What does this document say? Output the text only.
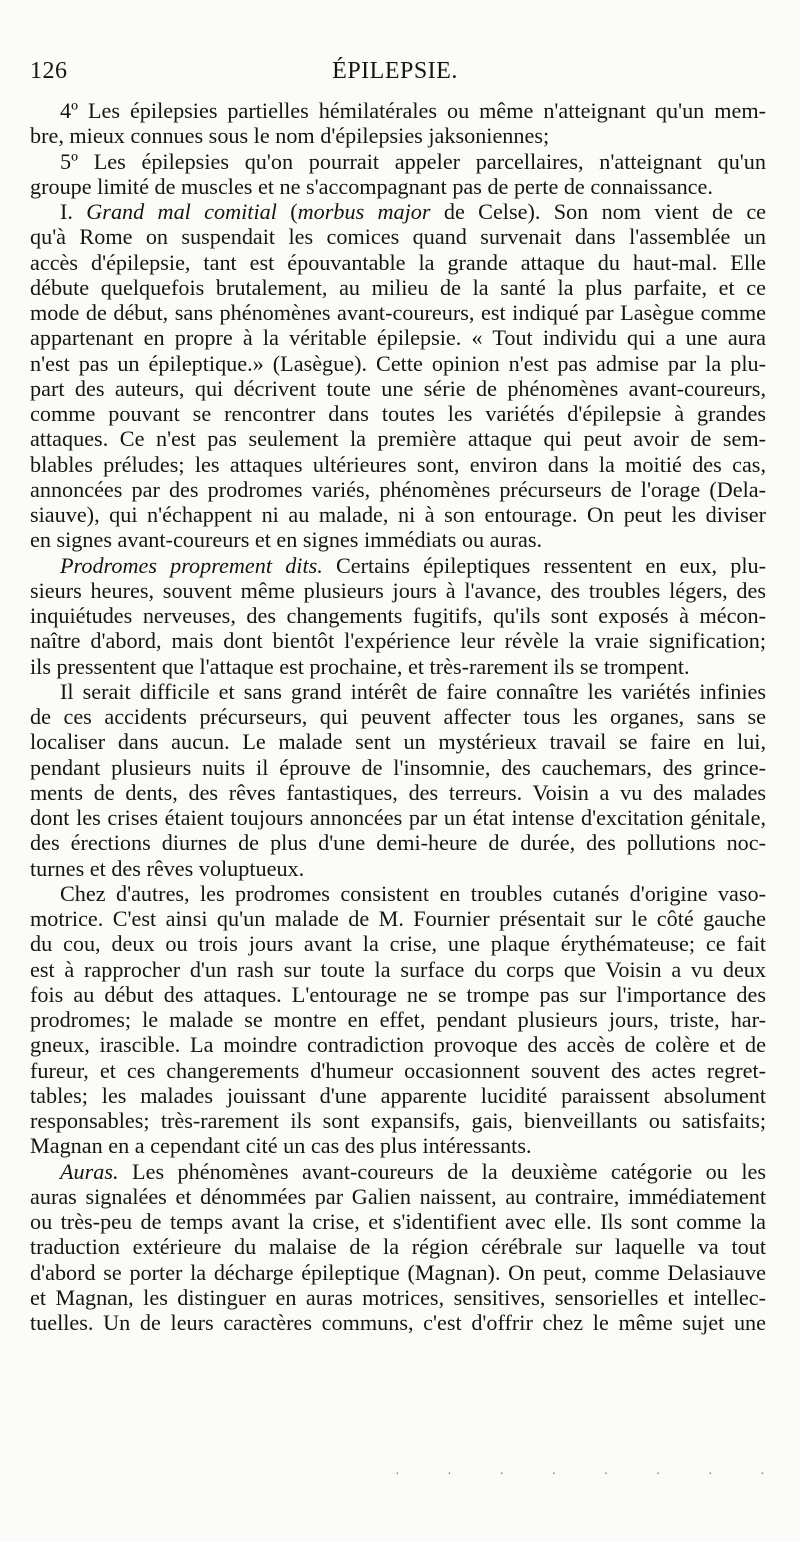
126	ÉPILEPSIE.
4º Les épilepsies partielles hémilatérales ou même n'atteignant qu'un mem-
bre, mieux connues sous le nom d'épilepsies jaksoniennes;
5º Les épilepsies qu'on pourrait appeler parcellaires, n'atteignant qu'un
groupe limité de muscles et ne s'accompagnant pas de perte de connaissance.
I. Grand mal comitial (morbus major de Celse). Son nom vient de ce
qu'à Rome on suspendait les comices quand survenait dans l'assemblée un
accès d'épilepsie, tant est épouvantable la grande attaque du haut-mal. Elle
débute quelquefois brutalement, au milieu de la santé la plus parfaite, et ce
mode de début, sans phénomènes avant-coureurs, est indiqué par Lasègue comme
appartenant en propre à la véritable épilepsie. « Tout individu qui a une aura
n'est pas un épileptique.» (Lasègue). Cette opinion n'est pas admise par la plu-
part des auteurs, qui décrivent toute une série de phénomènes avant-coureurs,
comme pouvant se rencontrer dans toutes les variétés d'épilepsie à grandes
attaques. Ce n'est pas seulement la première attaque qui peut avoir de sem-
blables préludes; les attaques ultérieures sont, environ dans la moitié des cas,
annoncées par des prodromes variés, phénomènes précurseurs de l'orage (Dela-
siauve), qui n'échappent ni au malade, ni à son entourage. On peut les diviser
en signes avant-coureurs et en signes immédiats ou auras.
Prodromes proprement dits. Certains épileptiques ressentent en eux, plu-
sieurs heures, souvent même plusieurs jours à l'avance, des troubles légers, des
inquiétudes nerveuses, des changements fugitifs, qu'ils sont exposés à mécon-
naître d'abord, mais dont bientôt l'expérience leur révèle la vraie signification;
ils pressentent que l'attaque est prochaine, et très-rarement ils se trompent.
Il serait difficile et sans grand intérêt de faire connaître les variétés infinies
de ces accidents précurseurs, qui peuvent affecter tous les organes, sans se
localiser dans aucun. Le malade sent un mystérieux travail se faire en lui,
pendant plusieurs nuits il éprouve de l'insomnie, des cauchemars, des grince-
ments de dents, des rêves fantastiques, des terreurs. Voisin a vu des malades
dont les crises étaient toujours annoncées par un état intense d'excitation génitale,
des érections diurnes de plus d'une demi-heure de durée, des pollutions noc-
turnes et des rêves voluptueux.
Chez d'autres, les prodromes consistent en troubles cutanés d'origine vaso-
motrice. C'est ainsi qu'un malade de M. Fournier présentait sur le côté gauche
du cou, deux ou trois jours avant la crise, une plaque érythémateuse; ce fait
est à rapprocher d'un rash sur toute la surface du corps que Voisin a vu deux
fois au début des attaques. L'entourage ne se trompe pas sur l'importance des
prodromes; le malade se montre en effet, pendant plusieurs jours, triste, har-
gneux, irascible. La moindre contradiction provoque des accès de colère et de
fureur, et ces changerements d'humeur occasionnent souvent des actes regret-
tables; les malades jouissant d'une apparente lucidité paraissent absolument
responsables; très-rarement ils sont expansifs, gais, bienveillants ou satisfaits;
Magnan en a cependant cité un cas des plus intéressants.
Auras. Les phénomènes avant-coureurs de la deuxième catégorie ou les
auras signalées et dénommées par Galien naissent, au contraire, immédiatement
ou très-peu de temps avant la crise, et s'identifient avec elle. Ils sont comme la
traduction extérieure du malaise de la région cérébrale sur laquelle va tout
d'abord se porter la décharge épileptique (Magnan). On peut, comme Delasiauve
et Magnan, les distinguer en auras motrices, sensitives, sensorielles et intellec-
tuelles. Un de leurs caractères communs, c'est d'offrir chez le même sujet une
· · · · · · · ·
